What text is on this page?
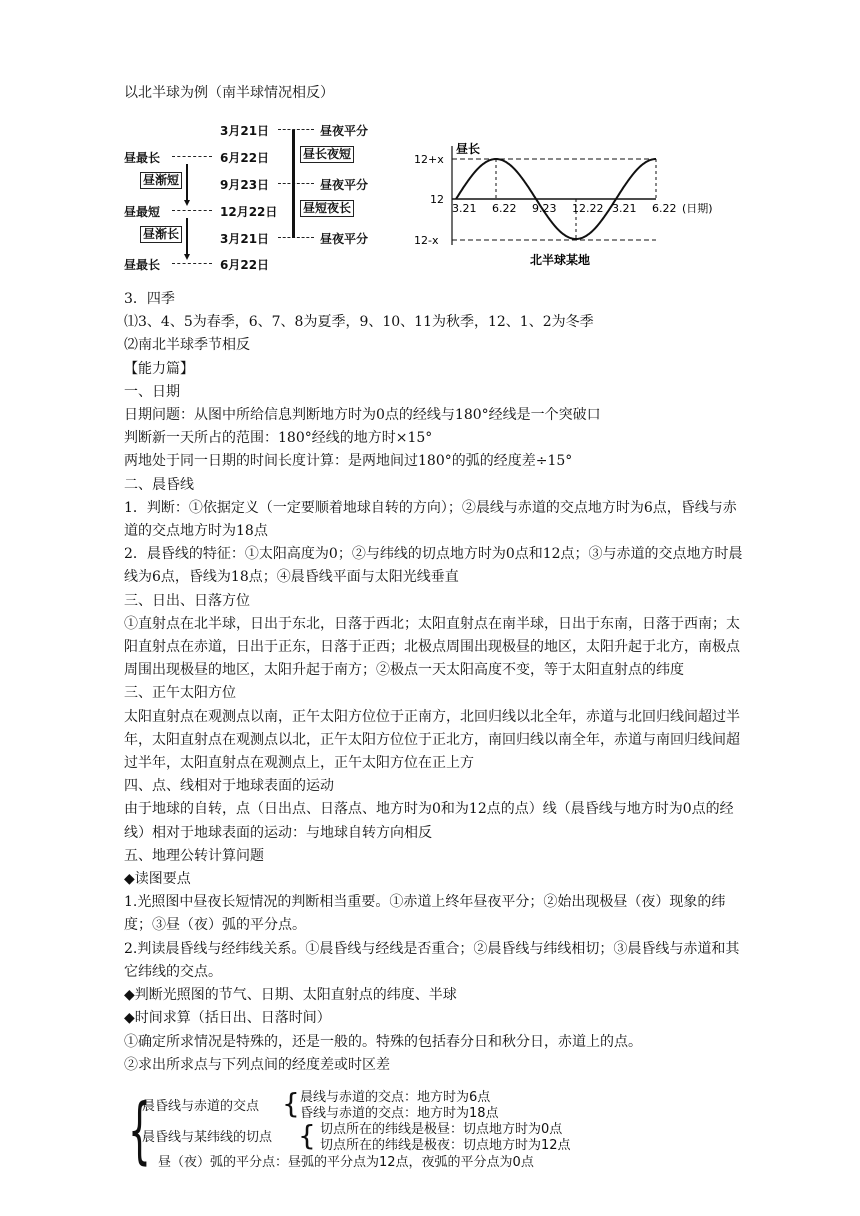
以北半球为例（南半球情况相反）
3月21日
6月22日
9月23日
12月22日
3月21日
6月22日
昼最长
昼渐短
昼最短
昼渐长
昼最长
昼夜平分
昼长夜短
昼夜平分
昼短夜长
昼夜平分
12+x
12
12-x
昼长
3.21 6.22 9.23 12.22 3.21 6.22 (日期)
北半球某地

3．四季

⑴3、4、5为春季，6、7、8为夏季，9、10、11为秋季，12、1、2为冬季

⑵南北半球季节相反

【能力篇】

一、日期

日期问题：从图中所给信息判断地方时为0点的经线与180°经线是一个突破口

判断新一天所占的范围：180°经线的地方时×15°

两地处于同一日期的时间长度计算：是两地间过180°的弧的经度差÷15°

二、晨昏线

1．判断：①依据定义（一定要顺着地球自转的方向）；②晨线与赤道的交点地方时为6点，昏线与赤道的交点地方时为18点

2．晨昏线的特征：①太阳高度为0；②与纬线的切点地方时为0点和12点；③与赤道的交点地方时晨线为6点，昏线为18点；④晨昏线平面与太阳光线垂直

三、日出、日落方位

①直射点在北半球，日出于东北，日落于西北；太阳直射点在南半球，日出于东南，日落于西南；太阳直射点在赤道，日出于正东，日落于正西；北极点周围出现极昼的地区，太阳升起于北方，南极点周围出现极昼的地区，太阳升起于南方；②极点一天太阳高度不变，等于太阳直射点的纬度

三、正午太阳方位

太阳直射点在观测点以南，正午太阳方位位于正南方，北回归线以北全年，赤道与北回归线间超过半年，太阳直射点在观测点以北，正午太阳方位位于正北方，南回归线以南全年，赤道与南回归线间超过半年，太阳直射点在观测点上，正午太阳方位在正上方

四、点、线相对于地球表面的运动

由于地球的自转，点（日出点、日落点、地方时为0和为12点的点）线（晨昏线与地方时为0点的经线）相对于地球表面的运动：与地球自转方向相反

五、地理公转计算问题

◆读图要点

1.光照图中昼夜长短情况的判断相当重要。①赤道上终年昼夜平分；②始出现极昼（夜）现象的纬度；③昼（夜）弧的平分点。

2.判读晨昏线与经纬线关系。①晨昏线与经线是否重合；②晨昏线与纬线相切；③晨昏线与赤道和其它纬线的交点。

◆判断光照图的节气、日期、太阳直射点的纬度、半球

◆时间求算（括日出、日落时间）

①确定所求情况是特殊的，还是一般的。特殊的包括春分日和秋分日，赤道上的点。

②求出所求点与下列点间的经度差或时区差

{
晨昏线与赤道的交点 { 晨线与赤道的交点：地方时为6点
昏线与赤道的交点：地方时为18点
晨昏线与某纬线的切点 { 切点所在的纬线是极昼：切点地方时为0点
切点所在的纬线是极夜：切点地方时为12点
昼（夜）弧的平分点：昼弧的平分点为12点，夜弧的平分点为0点
